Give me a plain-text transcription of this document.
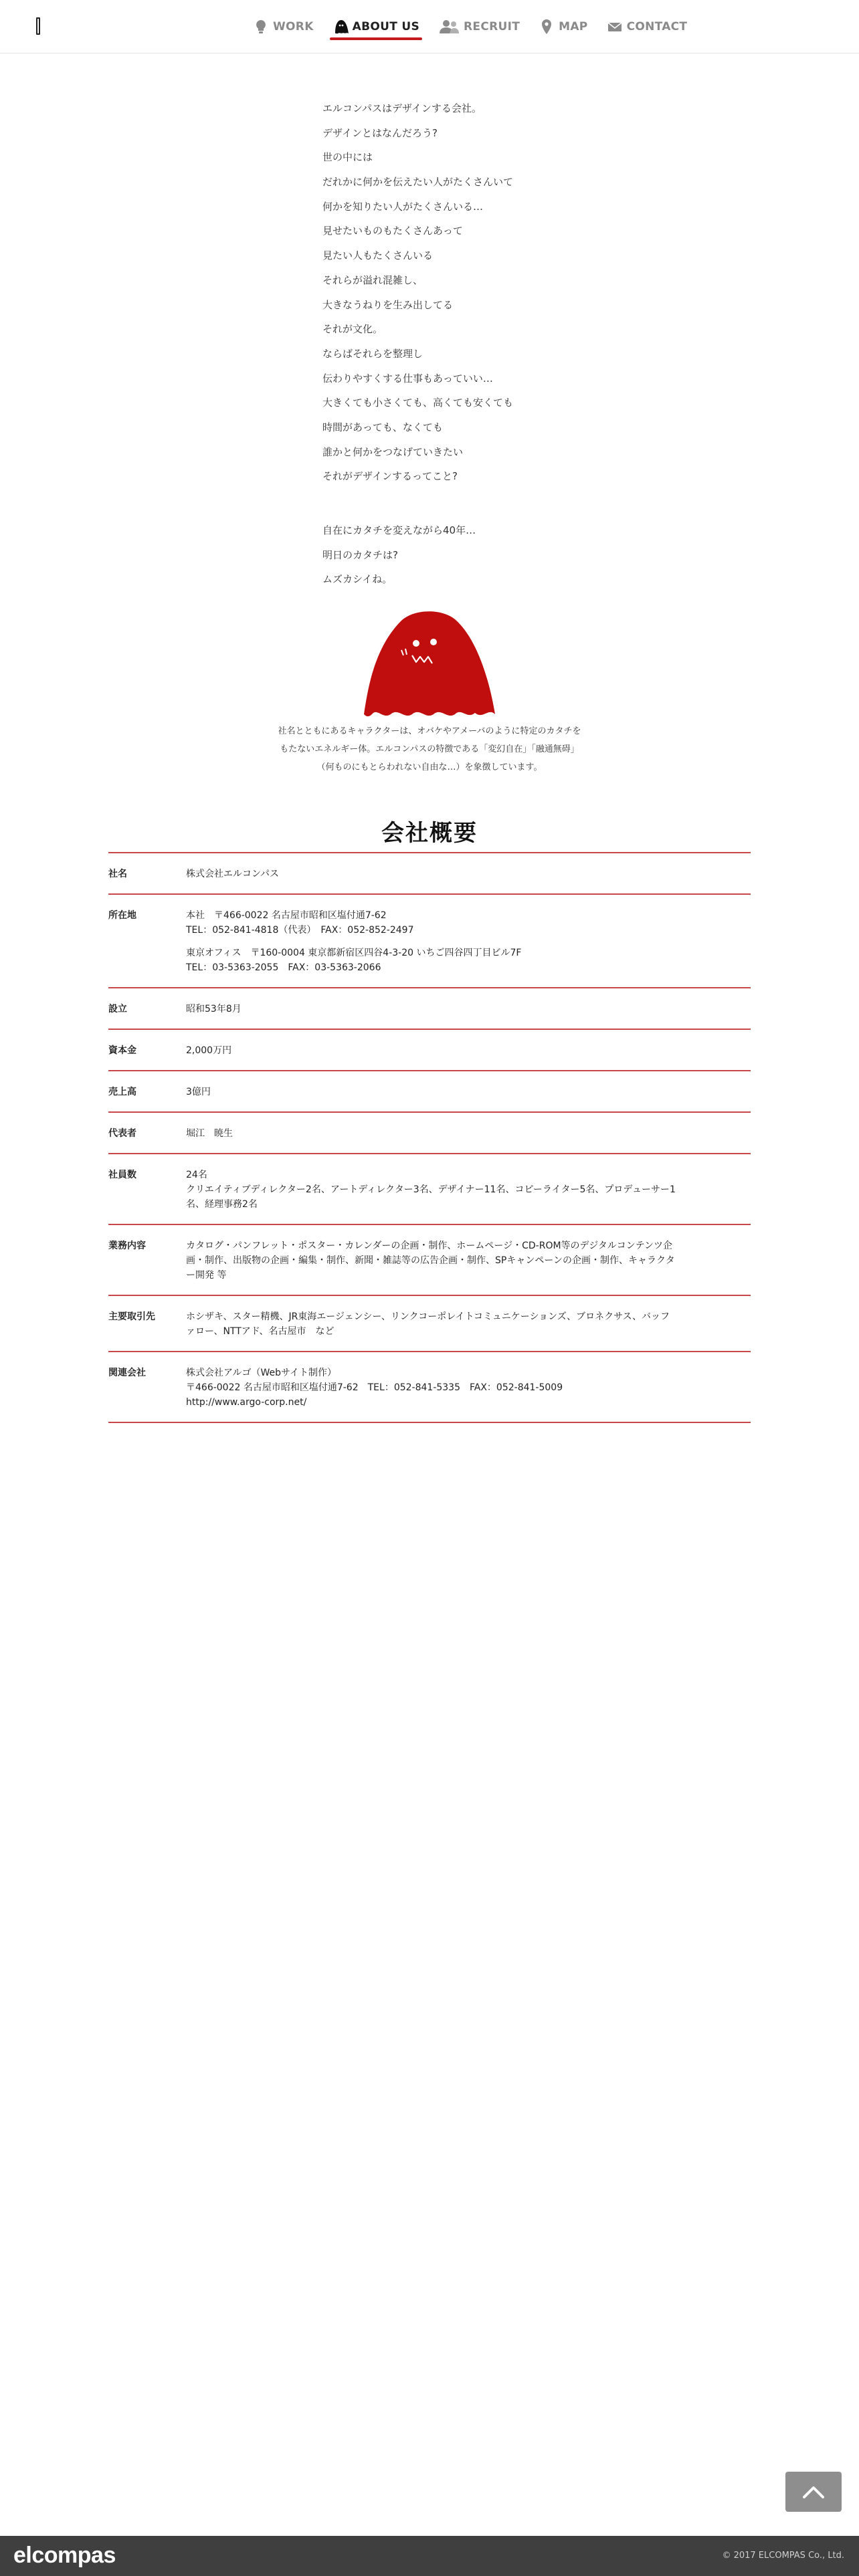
WORK	ABOUT US	RECRUIT	MAP	CONTACT

エルコンパスはデザインする会社。

デザインとはなんだろう?

世の中には

だれかに何かを伝えたい人がたくさんいて

何かを知りたい人がたくさんいる…

見せたいものもたくさんあって

見たい人もたくさんいる

それらが溢れ混雑し、

大きなうねりを生み出してる

それが文化。

ならばそれらを整理し

伝わりやすくする仕事もあっていい…

大きくても小さくても、高くても安くても

時間があっても、なくても

誰かと何かをつなげていきたい

それがデザインするってこと?

自在にカタチを変えながら40年…

明日のカタチは?

ムズカシイね。

社名とともにあるキャラクターは、オバケやアメーバのように特定のカタチを

もたないエネルギー体。エルコンパスの特徴である「変幻自在」「融通無碍」

（何ものにもとらわれない自由な…）を象徴しています。

会社概要
社名	株式会社エルコンパス
所在地	本社　〒466-0022 名古屋市昭和区塩付通7-62
TEL：052-841-4818（代表）　FAX：052-852-2497
東京オフィス　〒160-0004 東京都新宿区四谷4-3-20 いちご四谷四丁目ビル7F
TEL：03-5363-2055　FAX：03-5363-2066
設立	昭和53年8月
資本金	2,000万円
売上高	3億円
代表者	堀江　暁生
社員数	24名
クリエイティブディレクター2名、アートディレクター3名、デザイナー11名、コピーライター5名、プロデューサー1
名、経理事務2名
業務内容	カタログ・パンフレット・ポスター・カレンダーの企画・制作、ホームページ・CD-ROM等のデジタルコンテンツ企
画・制作、出版物の企画・編集・制作、新聞・雑誌等の広告企画・制作、SPキャンペーンの企画・制作、キャラクタ
ー開発 等
主要取引先	ホシザキ、スター精機、JR東海エージェンシー、リンクコーポレイトコミュニケーションズ、ブロネクサス、バッフ
ァロー、NTTアド、名古屋市　など
関連会社	株式会社アルゴ（Webサイト制作）
〒466-0022 名古屋市昭和区塩付通7-62　TEL：052-841-5335　FAX：052-841-5009
http://www.argo-corp.net/
elcompas	© 2017 ELCOMPAS Co., Ltd.
